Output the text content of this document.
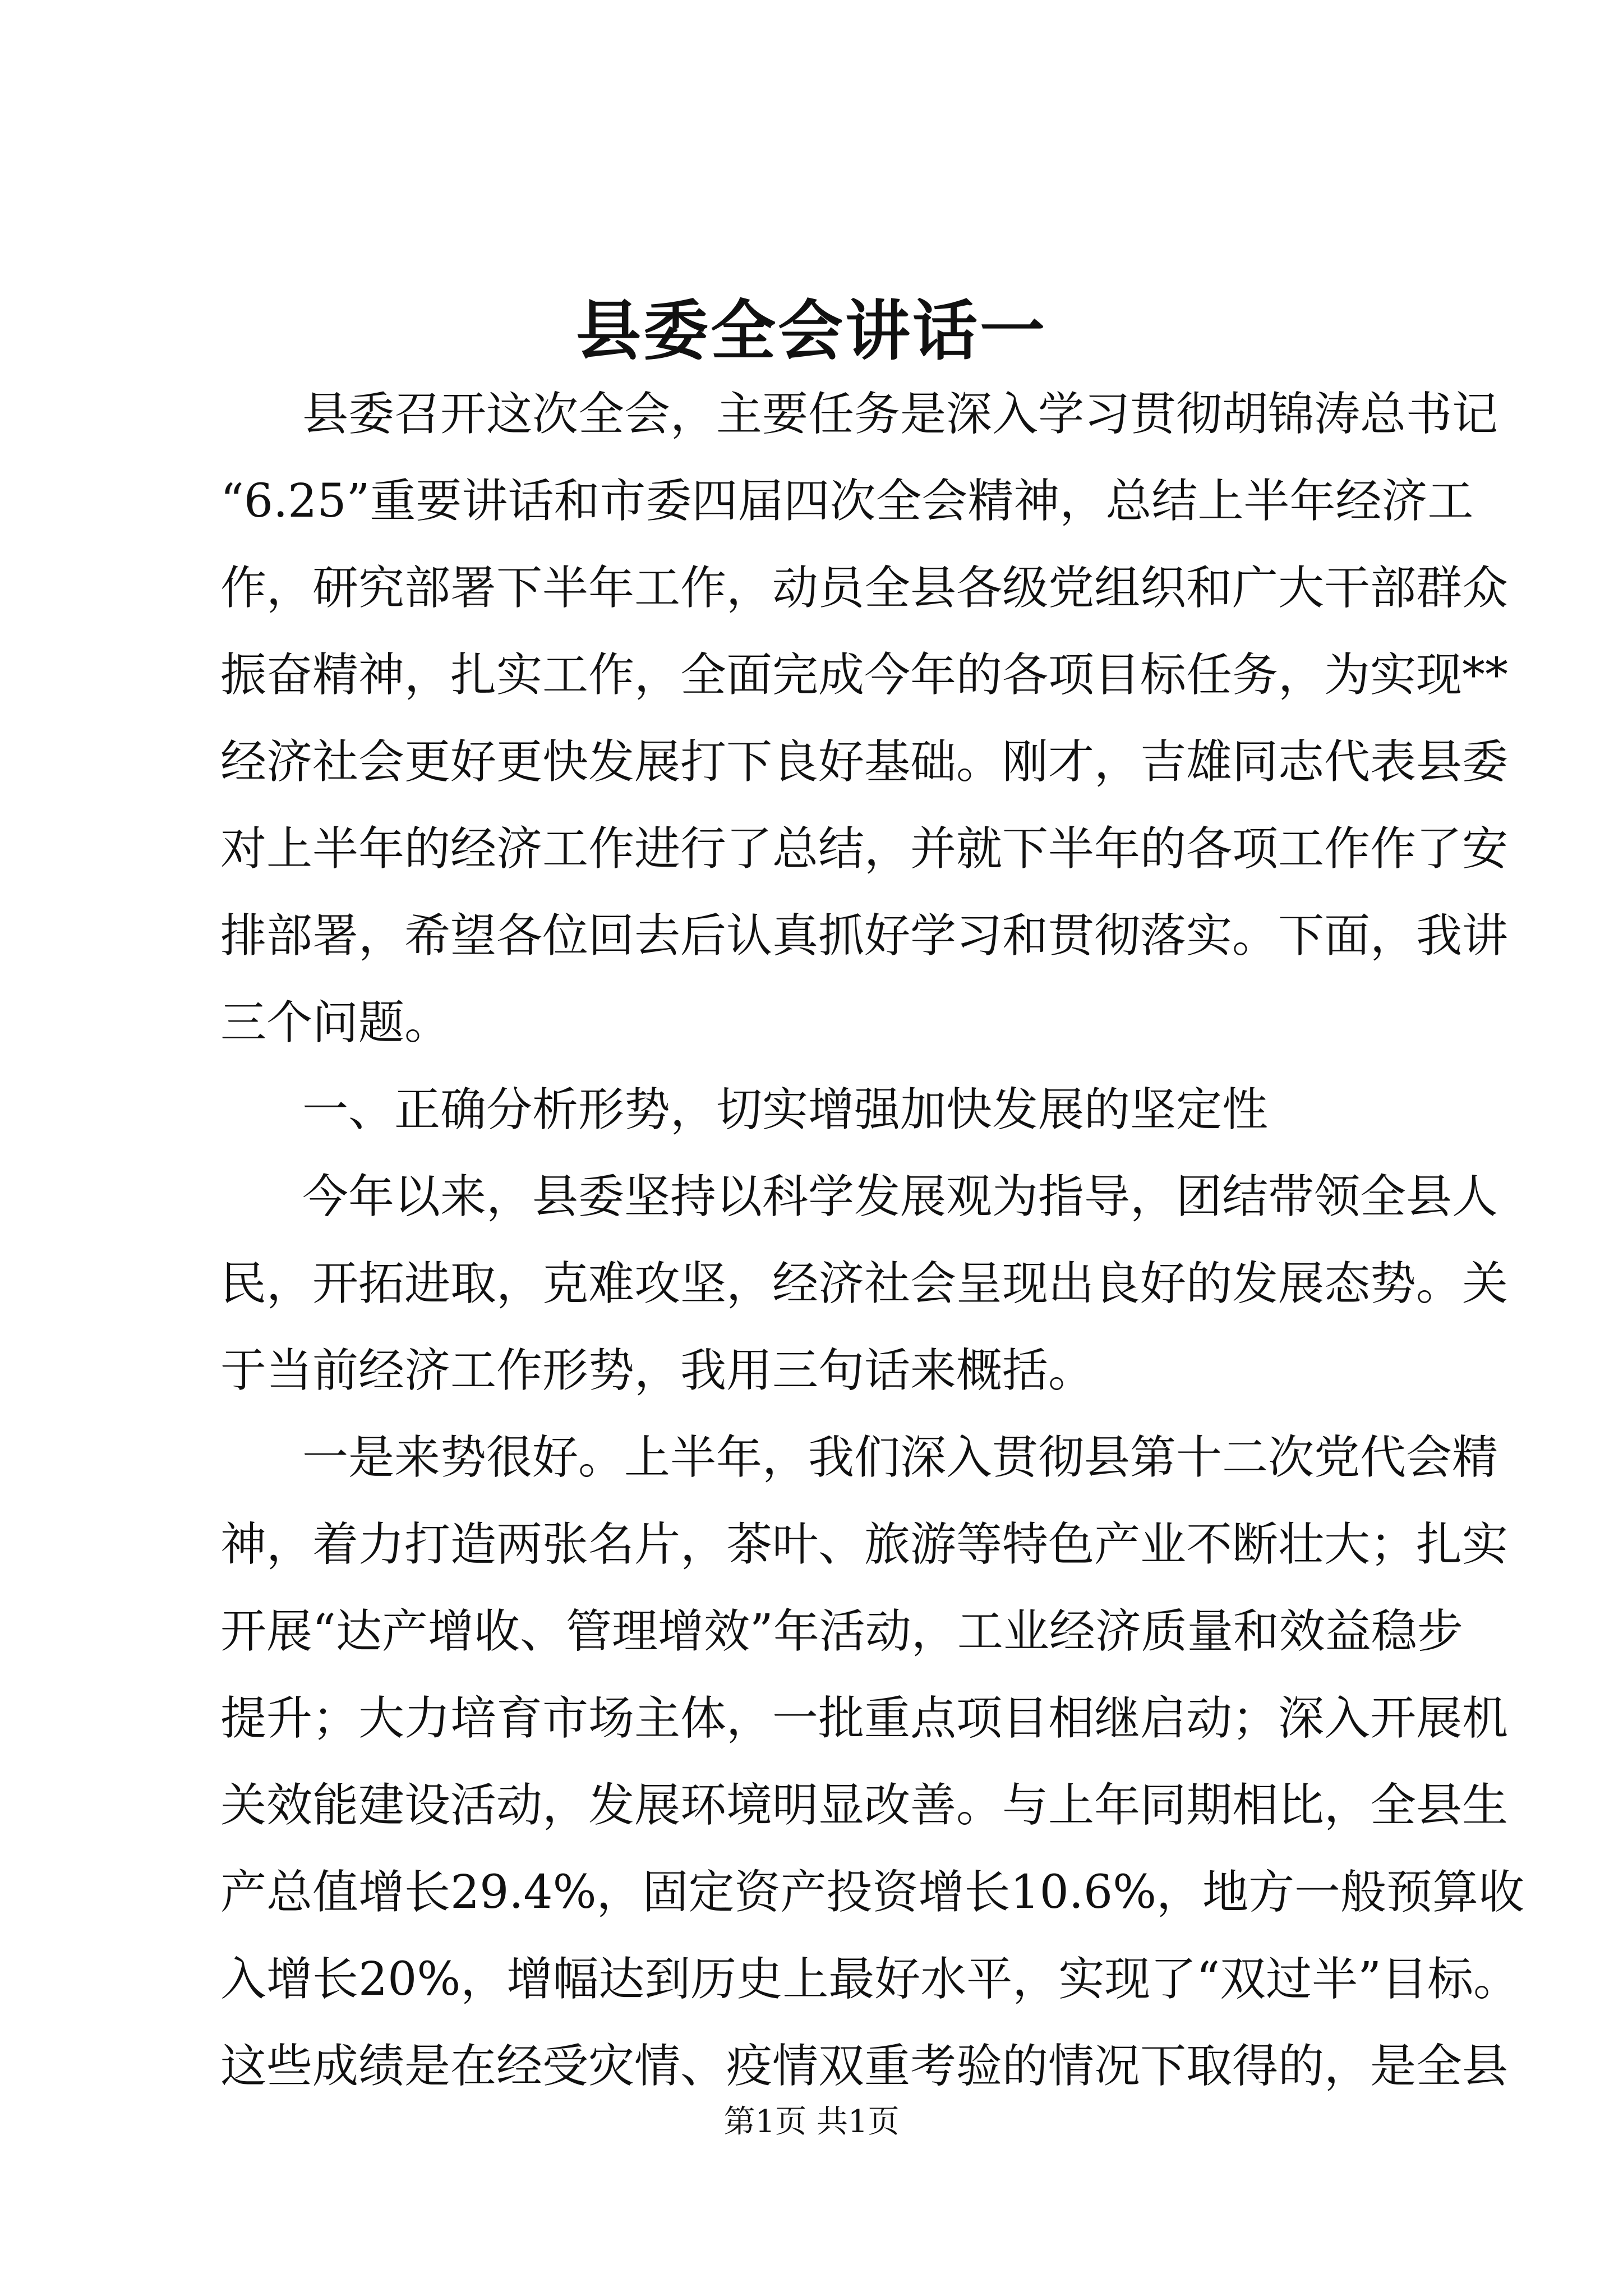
县委全会讲话一
县委召开这次全会，主要任务是深入学习贯彻胡锦涛总书记
“6.25”重要讲话和市委四届四次全会精神，总结上半年经济工
作，研究部署下半年工作，动员全县各级党组织和广大干部群众
振奋精神，扎实工作，全面完成今年的各项目标任务，为实现**
经济社会更好更快发展打下良好基础。刚才，吉雄同志代表县委
对上半年的经济工作进行了总结，并就下半年的各项工作作了安
排部署，希望各位回去后认真抓好学习和贯彻落实。下面，我讲
三个问题。
一、正确分析形势，切实增强加快发展的坚定性
今年以来，县委坚持以科学发展观为指导，团结带领全县人
民，开拓进取，克难攻坚，经济社会呈现出良好的发展态势。关
于当前经济工作形势，我用三句话来概括。
一是来势很好。上半年，我们深入贯彻县第十二次党代会精
神，着力打造两张名片，茶叶、旅游等特色产业不断壮大；扎实
开展“达产增收、管理增效”年活动，工业经济质量和效益稳步
提升；大力培育市场主体，一批重点项目相继启动；深入开展机
关效能建设活动，发展环境明显改善。与上年同期相比，全县生
产总值增长29.4%，固定资产投资增长10.6%，地方一般预算收
入增长20%，增幅达到历史上最好水平，实现了“双过半”目标。
这些成绩是在经受灾情、疫情双重考验的情况下取得的，是全县
第1页 共1页
